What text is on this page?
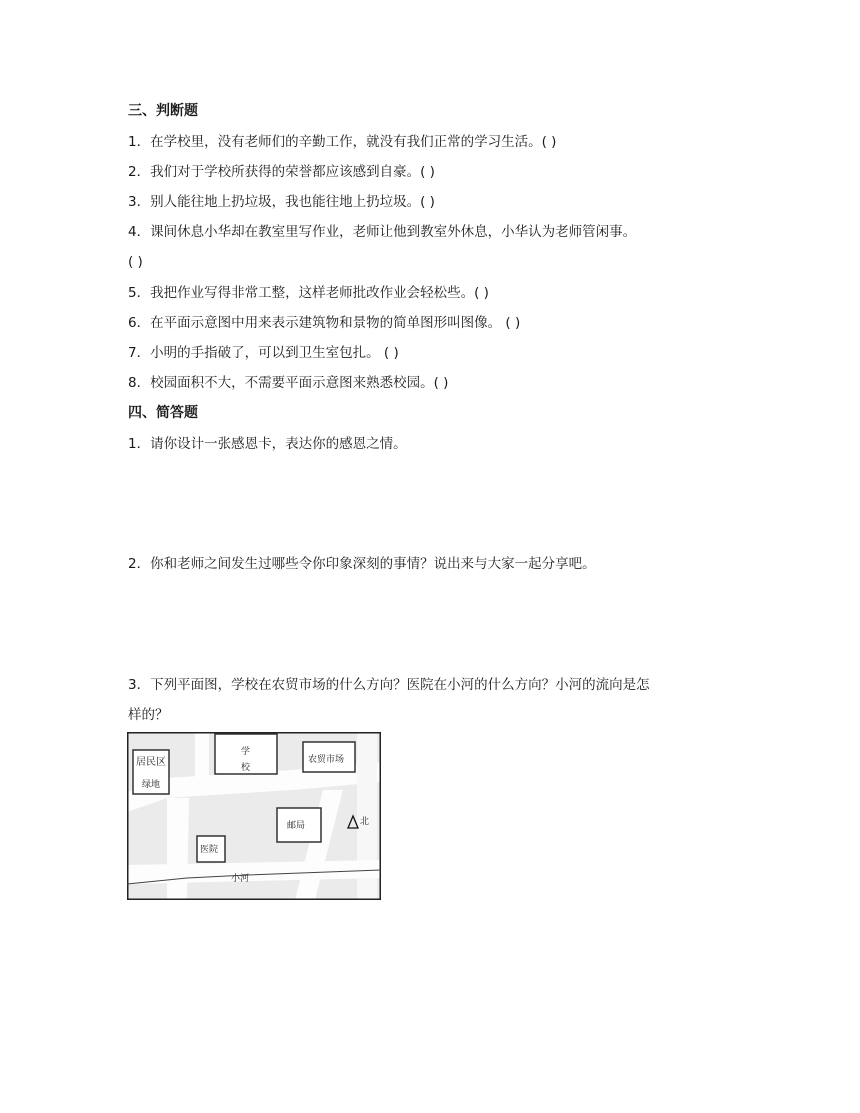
三、判断题
1．在学校里，没有老师们的辛勤工作，就没有我们正常的学习生活。( )
2．我们对于学校所获得的荣誉都应该感到自豪。( )
3．别人能往地上扔垃圾，我也能往地上扔垃圾。( )
4．课间休息小华却在教室里写作业，老师让他到教室外休息，小华认为老师管闲事。
( )
5．我把作业写得非常工整，这样老师批改作业会轻松些。( )
6．在平面示意图中用来表示建筑物和景物的简单图形叫图像。 ( )
7．小明的手指破了，可以到卫生室包扎。 ( )
8．校园面积不大，不需要平面示意图来熟悉校园。( )
四、简答题
1．请你设计一张感恩卡，表达你的感恩之情。
2．你和老师之间发生过哪些令你印象深刻的事情？说出来与大家一起分享吧。
3．下列平面图，学校在农贸市场的什么方向？医院在小河的什么方向？小河的流向是怎
样的？
居民区
绿地
学
校
农贸市场
邮局	北
医院
小河
